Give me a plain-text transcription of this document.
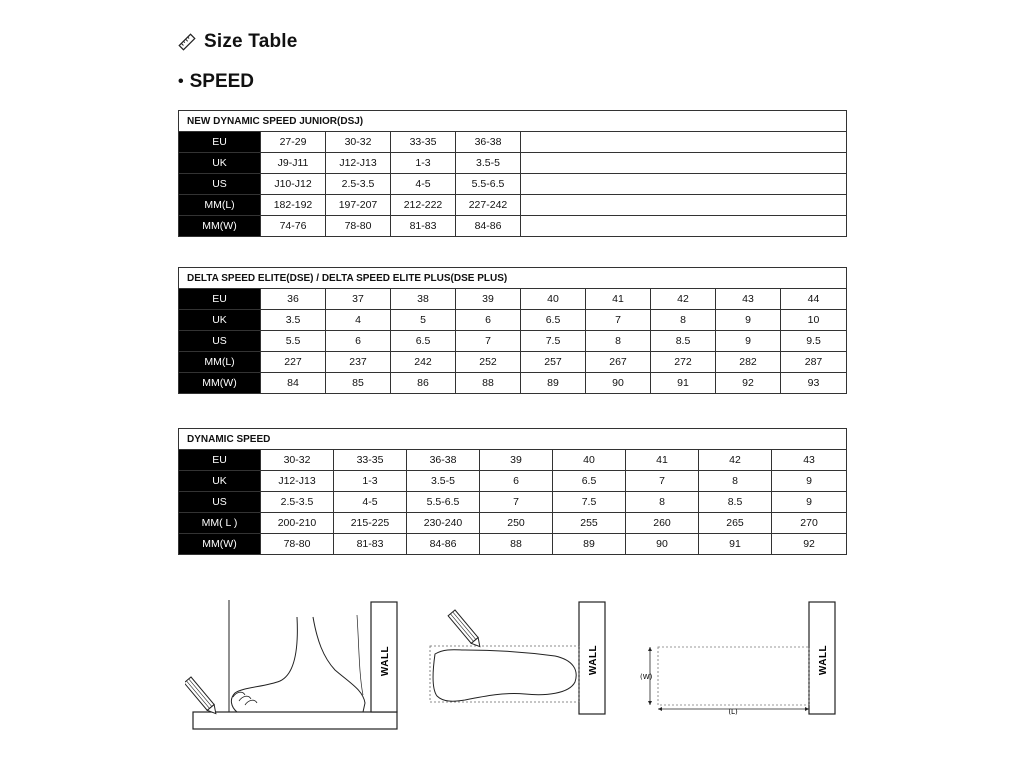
Size Table
• SPEED
NEW DYNAMIC SPEED JUNIOR(DSJ)					
EU	27-29	30-32	33-35	36-38	
UK	J9-J11	J12-J13	1-3	3.5-5	
US	J10-J12	2.5-3.5	4-5	5.5-6.5	
MM(L)	182-192	197-207	212-222	227-242	
MM(W)	74-76	78-80	81-83	84-86	
DELTA SPEED ELITE(DSE) / DELTA SPEED ELITE PLUS(DSE PLUS)									
EU	36	37	38	39	40	41	42	43	44
UK	3.5	4	5	6	6.5	7	8	9	10
US	5.5	6	6.5	7	7.5	8	8.5	9	9.5
MM(L)	227	237	242	252	257	267	272	282	287
MM(W)	84	85	86	88	89	90	91	92	93
DYNAMIC SPEED								
EU	30-32	33-35	36-38	39	40	41	42	43
UK	J12-J13	1-3	3.5-5	6	6.5	7	8	9
US	2.5-3.5	4-5	5.5-6.5	7	7.5	8	8.5	9
MM( L )	200-210	215-225	230-240	250	255	260	265	270
MM(W)	78-80	81-83	84-86	88	89	90	91	92
WALL	WALL	WALL
(W)
(L)
